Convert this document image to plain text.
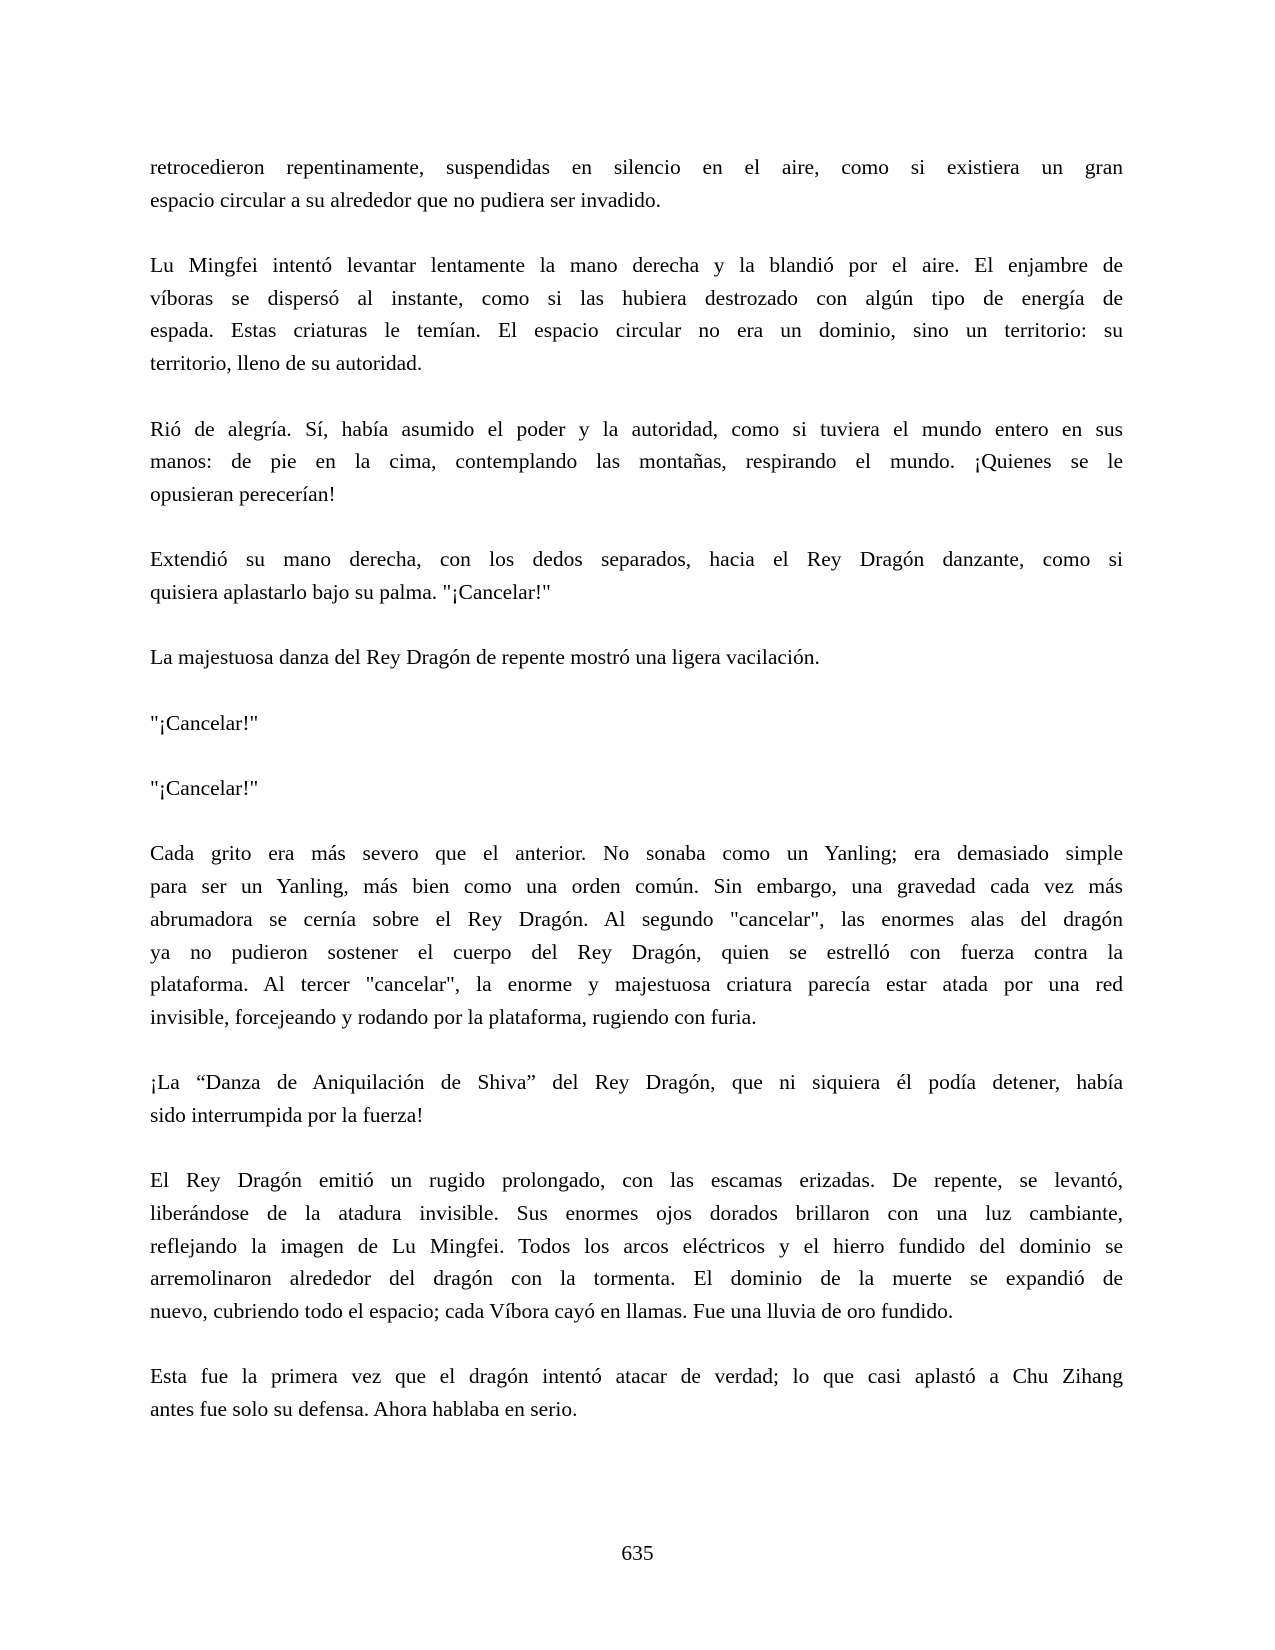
retrocedieron repentinamente, suspendidas en silencio en el aire, como si existiera un gran
espacio circular a su alrededor que no pudiera ser invadido.

Lu Mingfei intentó levantar lentamente la mano derecha y la blandió por el aire. El enjambre de
víboras se dispersó al instante, como si las hubiera destrozado con algún tipo de energía de
espada. Estas criaturas le temían. El espacio circular no era un dominio, sino un territorio: su
territorio, lleno de su autoridad.

Rió de alegría. Sí, había asumido el poder y la autoridad, como si tuviera el mundo entero en sus
manos: de pie en la cima, contemplando las montañas, respirando el mundo. ¡Quienes se le
opusieran perecerían!

Extendió su mano derecha, con los dedos separados, hacia el Rey Dragón danzante, como si
quisiera aplastarlo bajo su palma. "¡Cancelar!"

La majestuosa danza del Rey Dragón de repente mostró una ligera vacilación.

"¡Cancelar!"

"¡Cancelar!"

Cada grito era más severo que el anterior. No sonaba como un Yanling; era demasiado simple
para ser un Yanling, más bien como una orden común. Sin embargo, una gravedad cada vez más
abrumadora se cernía sobre el Rey Dragón. Al segundo "cancelar", las enormes alas del dragón
ya no pudieron sostener el cuerpo del Rey Dragón, quien se estrelló con fuerza contra la
plataforma. Al tercer "cancelar", la enorme y majestuosa criatura parecía estar atada por una red
invisible, forcejeando y rodando por la plataforma, rugiendo con furia.

¡La “Danza de Aniquilación de Shiva” del Rey Dragón, que ni siquiera él podía detener, había
sido interrumpida por la fuerza!

El Rey Dragón emitió un rugido prolongado, con las escamas erizadas. De repente, se levantó,
liberándose de la atadura invisible. Sus enormes ojos dorados brillaron con una luz cambiante,
reflejando la imagen de Lu Mingfei. Todos los arcos eléctricos y el hierro fundido del dominio se
arremolinaron alrededor del dragón con la tormenta. El dominio de la muerte se expandió de
nuevo, cubriendo todo el espacio; cada Víbora cayó en llamas. Fue una lluvia de oro fundido.

Esta fue la primera vez que el dragón intentó atacar de verdad; lo que casi aplastó a Chu Zihang
antes fue solo su defensa. Ahora hablaba en serio.

635
